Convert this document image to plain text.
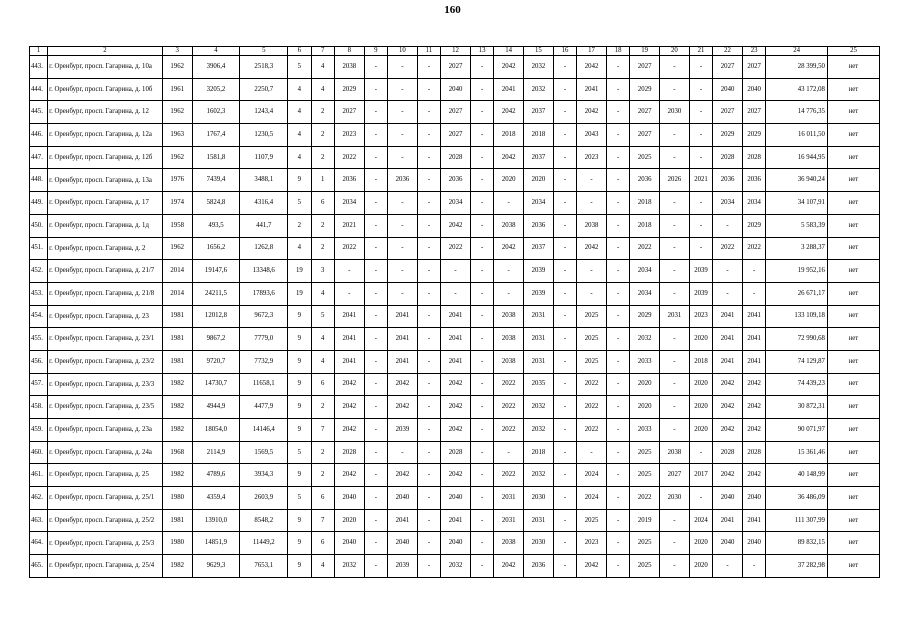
160
1	2	3	4	5	6	7	8	9	10	11	12	13	14	15	16	17	18	19	20	21	22	23	24	25
443.	г. Оренбург, просп. Гагарина, д. 10а	1962	3906,4	2518,3	5	4	2038	-	-	-	2027	-	2042	2032	-	2042	-	2027	-	-	2027	2027	28 399,50	нет
444.	г. Оренбург, просп. Гагарина, д. 10б	1961	3205,2	2250,7	4	4	2029	-	-	-	2040	-	2041	2032	-	2041	-	2029	-	-	2040	2040	43 172,08	нет
445.	г. Оренбург, просп. Гагарина, д. 12	1962	1602,3	1243,4	4	2	2027	-	-	-	2027	-	2042	2037	-	2042	-	2027	2030	-	2027	2027	14 776,35	нет
446.	г. Оренбург, просп. Гагарина, д. 12а	1963	1767,4	1230,5	4	2	2023	-	-	-	2027	-	2018	2018	-	2043	-	2027	-	-	2029	2029	16 011,50	нет
447.	г. Оренбург, просп. Гагарина, д. 12б	1962	1581,8	1107,9	4	2	2022	-	-	-	2028	-	2042	2037	-	2023	-	2025	-	-	2028	2028	16 944,95	нет
448.	г. Оренбург, просп. Гагарина, д. 13а	1976	7439,4	3488,1	9	1	2036	-	2036	-	2036	-	2020	2020	-	-	-	2036	2026	2021	2036	2036	36 940,24	нет
449.	г. Оренбург, просп. Гагарина, д. 17	1974	5824,8	4316,4	5	6	2034	-	-	-	2034	-	-	2034	-	-	-	2018	-	-	2034	2034	34 107,91	нет
450.	г. Оренбург, просп. Гагарина, д. 1д	1958	493,5	441,7	2	2	2021	-	-	-	2042	-	2038	2036	-	2038	-	2018	-	-	-	2029	5 583,39	нет
451.	г. Оренбург, просп. Гагарина, д. 2	1962	1656,2	1262,8	4	2	2022	-	-	-	2022	-	2042	2037	-	2042	-	2022	-	-	2022	2022	3 288,37	нет
452.	г. Оренбург, просп. Гагарина, д. 21/7	2014	19147,6	13348,6	19	3	-	-	-	-	-	-	-	2039	-	-	-	2034	-	2039	-	-	19 952,16	нет
453.	г. Оренбург, просп. Гагарина, д. 21/8	2014	24211,5	17893,6	19	4	-	-	-	-	-	-	-	2039	-	-	-	2034	-	2039	-	-	26 671,17	нет
454.	г. Оренбург, просп. Гагарина, д. 23	1981	12012,8	9672,3	9	5	2041	-	2041	-	2041	-	2038	2031	-	2025	-	2029	2031	2023	2041	2041	133 109,18	нет
455.	г. Оренбург, просп. Гагарина, д. 23/1	1981	9867,2	7779,0	9	4	2041	-	2041	-	2041	-	2038	2031	-	2025	-	2032	-	2020	2041	2041	72 990,68	нет
456.	г. Оренбург, просп. Гагарина, д. 23/2	1981	9720,7	7732,9	9	4	2041	-	2041	-	2041	-	2038	2031	-	2025	-	2033	-	2018	2041	2041	74 129,87	нет
457.	г. Оренбург, просп. Гагарина, д. 23/3	1982	14730,7	11658,1	9	6	2042	-	2042	-	2042	-	2022	2035	-	2022	-	2020	-	2020	2042	2042	74 439,23	нет
458.	г. Оренбург, просп. Гагарина, д. 23/5	1982	4944,9	4477,9	9	2	2042	-	2042	-	2042	-	2022	2032	-	2022	-	2020	-	2020	2042	2042	30 872,31	нет
459.	г. Оренбург, просп. Гагарина, д. 23а	1982	18054,0	14146,4	9	7	2042	-	2039	-	2042	-	2022	2032	-	2022	-	2033	-	2020	2042	2042	90 071,97	нет
460.	г. Оренбург, просп. Гагарина, д. 24а	1968	2114,9	1569,5	5	2	2028	-	-	-	2028	-	-	2018	-	-	-	2025	2038	-	2028	2028	15 361,46	нет
461.	г. Оренбург, просп. Гагарина, д. 25	1982	4789,6	3934,3	9	2	2042	-	2042	-	2042	-	2022	2032	-	2024	-	2025	2027	2017	2042	2042	40 148,99	нет
462.	г. Оренбург, просп. Гагарина, д. 25/1	1980	4359,4	2603,9	5	6	2040	-	2040	-	2040	-	2031	2030	-	2024	-	2022	2030	-	2040	2040	36 486,09	нет
463.	г. Оренбург, просп. Гагарина, д. 25/2	1981	13910,0	8548,2	9	7	2020	-	2041	-	2041	-	2031	2031	-	2025	-	2019	-	2024	2041	2041	111 307,99	нет
464.	г. Оренбург, просп. Гагарина, д. 25/3	1980	14851,9	11449,2	9	6	2040	-	2040	-	2040	-	2038	2030	-	2023	-	2025	-	2020	2040	2040	89 832,15	нет
465.	г. Оренбург, просп. Гагарина, д. 25/4	1982	9629,3	7653,1	9	4	2032	-	2039	-	2032	-	2042	2036	-	2042	-	2025	-	2020	-	-	37 282,98	нет
